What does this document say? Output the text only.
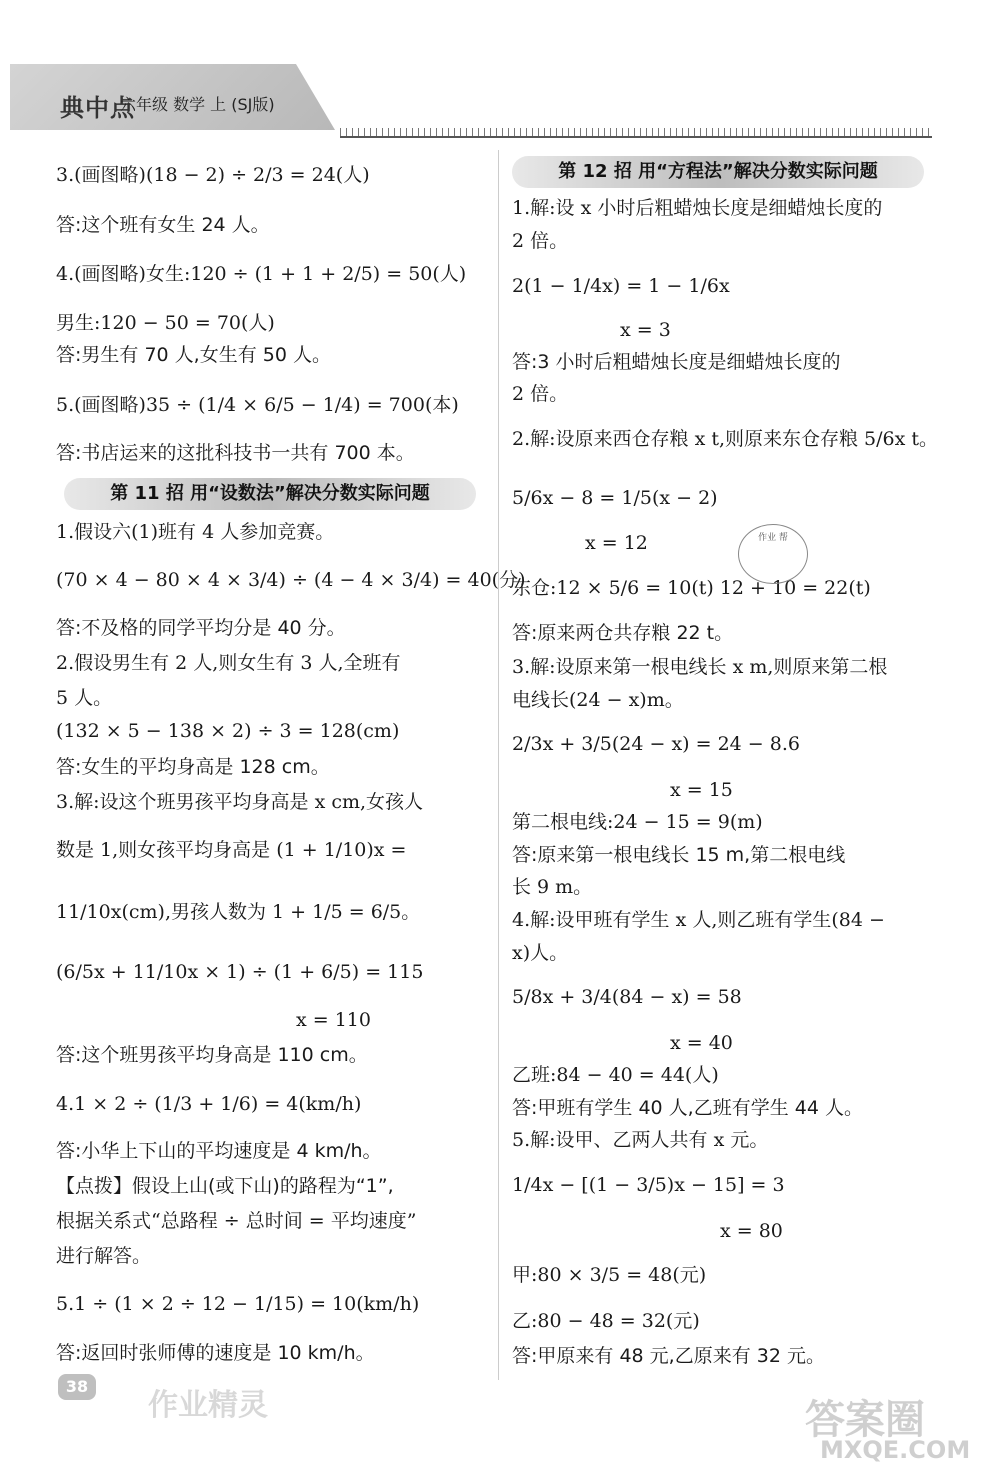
典中点
六年级 数学 上 (SJ版)
第 11 招 用“设数法”解决分数实际问题
第 12 招 用“方程法”解决分数实际问题
3.(画图略)(18 − 2) ÷ 2/3 = 24(人)
答:这个班有女生 24 人。
4.(画图略)女生:120 ÷ (1 + 1 + 2/5) = 50(人)
男生:120 − 50 = 70(人)
答:男生有 70 人,女生有 50 人。
5.(画图略)35 ÷ (1/4 × 6/5 − 1/4) = 700(本)
答:书店运来的这批科技书一共有 700 本。
1.假设六(1)班有 4 人参加竞赛。
(70 × 4 − 80 × 4 × 3/4) ÷ (4 − 4 × 3/4) = 40(分)
答:不及格的同学平均分是 40 分。
2.假设男生有 2 人,则女生有 3 人,全班有
5 人。
(132 × 5 − 138 × 2) ÷ 3 = 128(cm)
答:女生的平均身高是 128 cm。
3.解:设这个班男孩平均身高是 x cm,女孩人
数是 1,则女孩平均身高是 (1 + 1/10)x =
11/10x(cm),男孩人数为 1 + 1/5 = 6/5。
(6/5x + 11/10x × 1) ÷ (1 + 6/5) = 115
x = 110
答:这个班男孩平均身高是 110 cm。
4.1 × 2 ÷ (1/3 + 1/6) = 4(km/h)
答:小华上下山的平均速度是 4 km/h。
【点拨】假设上山(或下山)的路程为“1”,
根据关系式“总路程 ÷ 总时间 = 平均速度”
进行解答。
5.1 ÷ (1 × 2 ÷ 12 − 1/15) = 10(km/h)
答:返回时张师傅的速度是 10 km/h。
1.解:设 x 小时后粗蜡烛长度是细蜡烛长度的
2 倍。
2(1 − 1/4x) = 1 − 1/6x
x = 3
答:3 小时后粗蜡烛长度是细蜡烛长度的
2 倍。
2.解:设原来西仓存粮 x t,则原来东仓存粮 5/6x t。
5/6x − 8 = 1/5(x − 2)
x = 12
东仓:12 × 5/6 = 10(t) 12 + 10 = 22(t)
答:原来两仓共存粮 22 t。
3.解:设原来第一根电线长 x m,则原来第二根
电线长(24 − x)m。
2/3x + 3/5(24 − x) = 24 − 8.6
x = 15
第二根电线:24 − 15 = 9(m)
答:原来第一根电线长 15 m,第二根电线
长 9 m。
4.解:设甲班有学生 x 人,则乙班有学生(84 −
x)人。
5/8x + 3/4(84 − x) = 58
x = 40
乙班:84 − 40 = 44(人)
答:甲班有学生 40 人,乙班有学生 44 人。
5.解:设甲、乙两人共有 x 元。
1/4x − [(1 − 3/5)x − 15] = 3
x = 80
甲:80 × 3/5 = 48(元)
乙:80 − 48 = 32(元)
答:甲原来有 48 元,乙原来有 32 元。
作业 帮
38
作业精灵	答案圈
MXQE.COM
